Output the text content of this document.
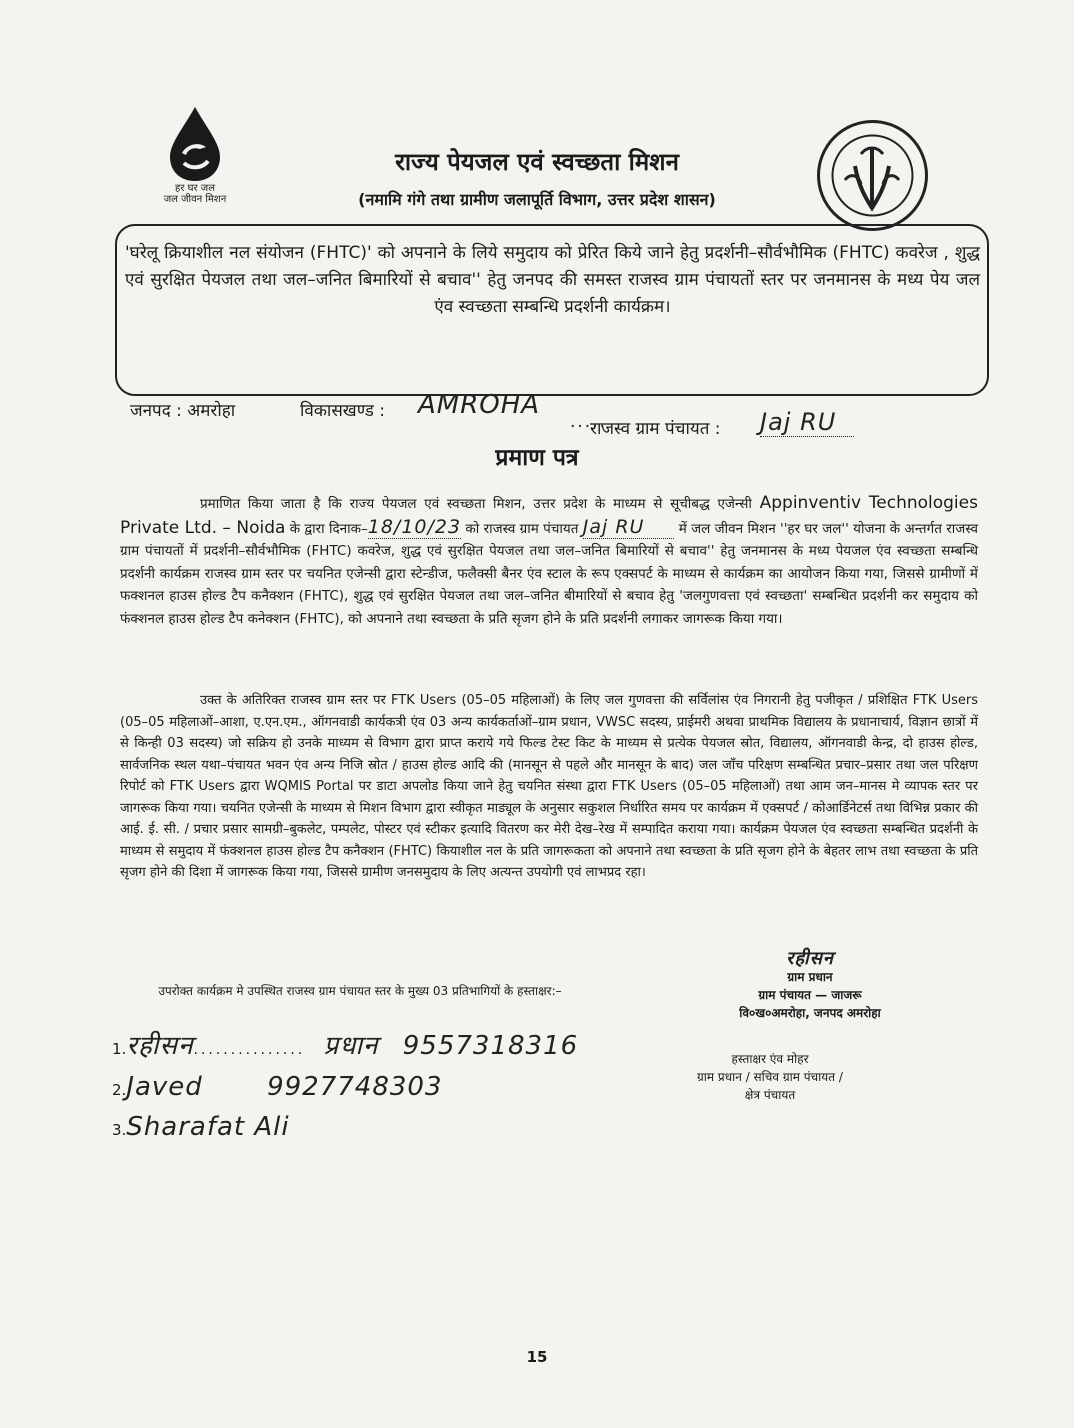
हर घर जल
जल जीवन मिशन
राज्य पेयजल एवं स्वच्छता मिशन
(नमामि गंगे तथा ग्रामीण जलापूर्ति विभाग, उत्तर प्रदेश शासन)
'घरेलू क्रियाशील नल संयोजन (FHTC)' को अपनाने के लिये समुदाय को प्रेरित किये जाने हेतु प्रदर्शनी–सौर्वभौमिक (FHTC) कवरेज , शुद्ध एवं सुरक्षित पेयजल तथा जल–जनित बिमारियों से बचाव'' हेतु जनपद की समस्त राजस्व ग्राम पंचायतों स्तर पर जनमानस के मध्य पेय जल एंव स्वच्छता सम्बन्धि प्रदर्शनी कार्यक्रम।
जनपद : अमरोहा	विकासखण्ड : AMROHA
.....
राजस्व ग्राम पंचायत : Jaj RU
प्रमाण पत्र
प्रमाणित किया जाता है कि राज्य पेयजल एवं स्वच्छता मिशन, उत्तर प्रदेश के माध्यम से सूचीबद्ध एजेन्सी Appinventiv Technologies Private Ltd. – Noida के द्वारा दिनाक–18/10/23 को राजस्व ग्राम पंचायत Jaj RU	में जल जीवन मिशन ''हर घर जल'' योजना के अन्तर्गत राजस्व ग्राम पंचायतों में प्रदर्शनी–सौर्वभौमिक (FHTC) कवरेज, शुद्ध एवं सुरक्षित पेयजल तथा जल–जनित बिमारियों से बचाव'' हेतु जनमानस के मध्य पेयजल एंव स्वच्छता सम्बन्धि प्रदर्शनी कार्यक्रम राजस्व ग्राम स्तर पर चयनित एजेन्सी द्वारा स्टेन्डीज, फलैक्सी बैनर एंव स्टाल के रूप एक्सपर्ट के माध्यम से कार्यक्रम का आयोजन किया गया, जिससे ग्रामीणों में फक्शनल हाउस होल्ड टैप कनैक्शन (FHTC), शुद्ध एवं सुरक्षित पेयजल तथा जल–जनित बीमारियों से बचाव हेतु 'जलगुणवत्ता एवं स्वच्छता' सम्बन्धित प्रदर्शनी कर समुदाय को फंक्शनल हाउस होल्ड टैप कनेक्शन (FHTC), को अपनाने तथा स्वच्छता के प्रति सृजग होने के प्रति प्रदर्शनी लगाकर जागरूक किया गया।
उक्त के अतिरिक्त राजस्व ग्राम स्तर पर FTK Users (05–05 महिलाओं) के लिए जल गुणवत्ता की सर्विलांस एंव निगरानी हेतु पजीकृत / प्रशिक्षित FTK Users (05–05 महिलाओं–आशा, ए.एन.एम., ऑगनवाडी कार्यकत्री एंव 03 अन्य कार्यकर्ताओं–ग्राम प्रधान, VWSC सदस्य, प्राईमरी अथवा प्राथमिक विद्यालय के प्रधानाचार्य, विज्ञान छात्रों में से किन्ही 03 सदस्य) जो सक्रिय हो उनके माध्यम से विभाग द्वारा प्राप्त कराये गये फिल्ड टेस्ट किट के माध्यम से प्रत्येक पेयजल स्रोत, विद्यालय, ऑगनवाडी केन्द्र, दो हाउस होल्ड, सार्वजनिक स्थल यथा–पंचायत भवन एंव अन्य निजि स्रोत / हाउस होल्ड आदि की (मानसून से पहले और मानसून के बाद) जल जाँच परिक्षण सम्बन्धित प्रचार–प्रसार तथा जल परिक्षण रिपोर्ट को FTK Users द्वारा WQMIS Portal पर डाटा अपलोड किया जाने हेतु चयनित संस्था द्वारा FTK Users (05–05 महिलाओं) तथा आम जन–मानस मे व्यापक स्तर पर जागरूक किया गया। चयनित एजेन्सी के माध्यम से मिशन विभाग द्वारा स्वीकृत माड्यूल के अनुसार सकुशल निर्धारित समय पर कार्यक्रम में एक्सपर्ट / कोआर्डिनेटर्स तथा विभिन्न प्रकार की आई. ई. सी. / प्रचार प्रसार सामग्री–बुकलेट, पम्पलेट, पोस्टर एवं स्टीकर इत्यादि वितरण कर मेरी देख–रेख में सम्पादित कराया गया। कार्यक्रम पेयजल एंव स्वच्छता सम्बन्धित प्रदर्शनी के माध्यम से समुदाय में फंक्शनल हाउस होल्ड टैप कनैक्शन (FHTC) कियाशील नल के प्रति जागरूकता को अपनाने तथा स्वच्छता के प्रति सृजग होने के बेहतर लाभ तथा स्वच्छता के प्रति सृजग होने की दिशा में जागरूक किया गया, जिससे ग्रामीण जनसमुदाय के लिए अत्यन्त उपयोगी एवं लाभप्रद रहा।
उपरोक्त कार्यक्रम मे उपस्थित राजस्व ग्राम पंचायत स्तर के मुख्य 03 प्रतिभागियों के हस्ताक्षर:–
1.रहीसन............... प्रधान 9557318316
2.Javed 9927748303
3.Sharafat Ali
रहीसन
ग्राम प्रधान
ग्राम पंचायत — जाजरू
वि०ख०अमरोहा, जनपद अमरोहा
हस्ताक्षर एंव मोहर
ग्राम प्रधान / सचिव ग्राम पंचायत /
क्षेत्र पंचायत
15
